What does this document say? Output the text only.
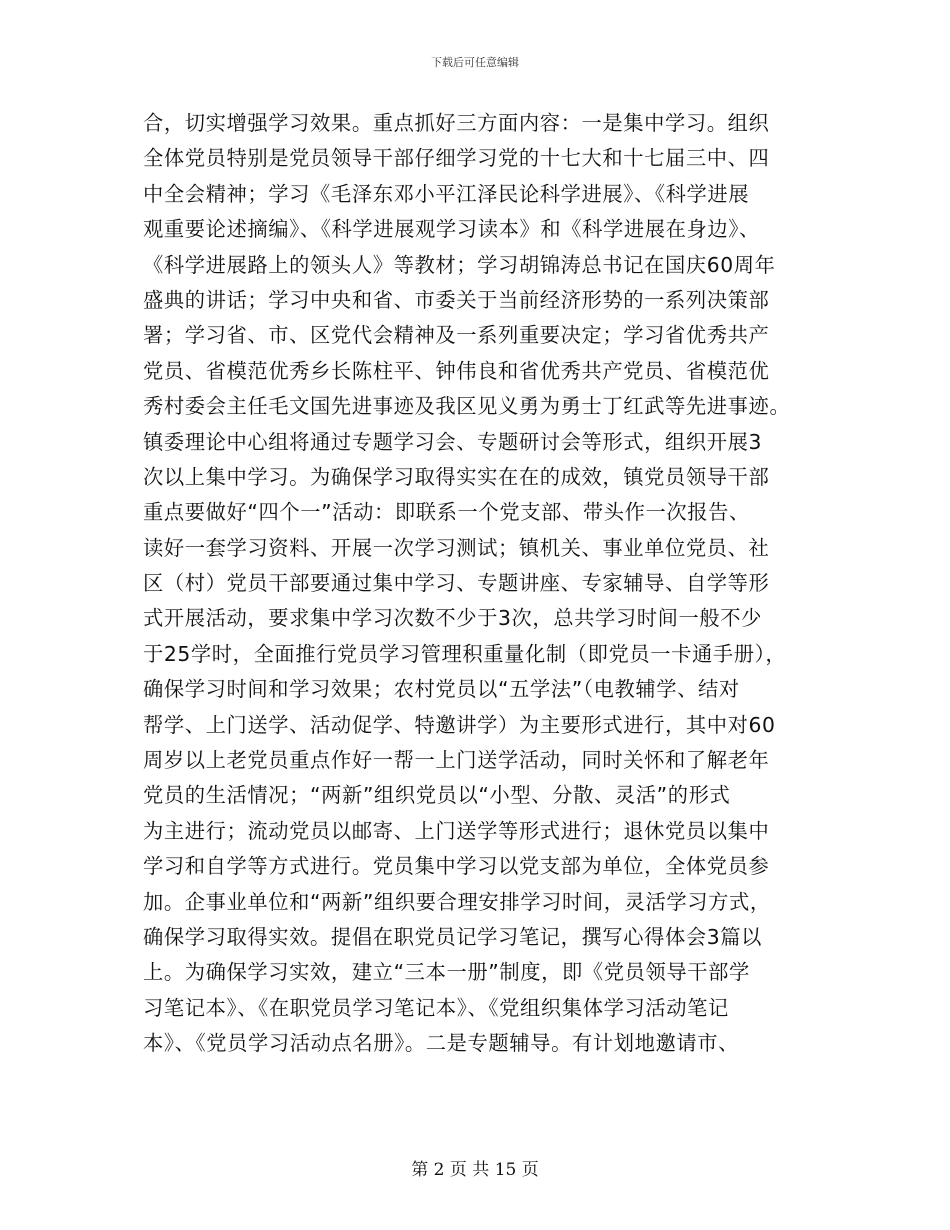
下载后可任意编辑
合，切实增强学习效果。重点抓好三方面内容：一是集中学习。组织
全体党员特别是党员领导干部仔细学习党的十七大和十七届三中、四
中全会精神；学习《毛泽东邓小平江泽民论科学进展》、《科学进展
观重要论述摘编》、《科学进展观学习读本》和《科学进展在身边》、
《科学进展路上的领头人》等教材；学习胡锦涛总书记在国庆60周年
盛典的讲话；学习中央和省、市委关于当前经济形势的一系列决策部
署；学习省、市、区党代会精神及一系列重要决定；学习省优秀共产
党员、省模范优秀乡长陈柱平、钟伟良和省优秀共产党员、省模范优
秀村委会主任毛文国先进事迹及我区见义勇为勇士丁红武等先进事迹。
镇委理论中心组将通过专题学习会、专题研讨会等形式，组织开展3
次以上集中学习。为确保学习取得实实在在的成效，镇党员领导干部
重点要做好“四个一”活动：即联系一个党支部、带头作一次报告、
读好一套学习资料、开展一次学习测试；镇机关、事业单位党员、社
区（村）党员干部要通过集中学习、专题讲座、专家辅导、自学等形
式开展活动，要求集中学习次数不少于3次，总共学习时间一般不少
于25学时，全面推行党员学习管理积重量化制（即党员一卡通手册），
确保学习时间和学习效果；农村党员以“五学法”（电教辅学、结对
帮学、上门送学、活动促学、特邀讲学）为主要形式进行，其中对60
周岁以上老党员重点作好一帮一上门送学活动，同时关怀和了解老年
党员的生活情况；“两新”组织党员以“小型、分散、灵活”的形式
为主进行；流动党员以邮寄、上门送学等形式进行；退休党员以集中
学习和自学等方式进行。党员集中学习以党支部为单位，全体党员参
加。企事业单位和“两新”组织要合理安排学习时间，灵活学习方式，
确保学习取得实效。提倡在职党员记学习笔记，撰写心得体会3篇以
上。为确保学习实效，建立“三本一册”制度，即《党员领导干部学
习笔记本》、《在职党员学习笔记本》、《党组织集体学习活动笔记
本》、《党员学习活动点名册》。二是专题辅导。有计划地邀请市、
第 2 页 共 15 页
